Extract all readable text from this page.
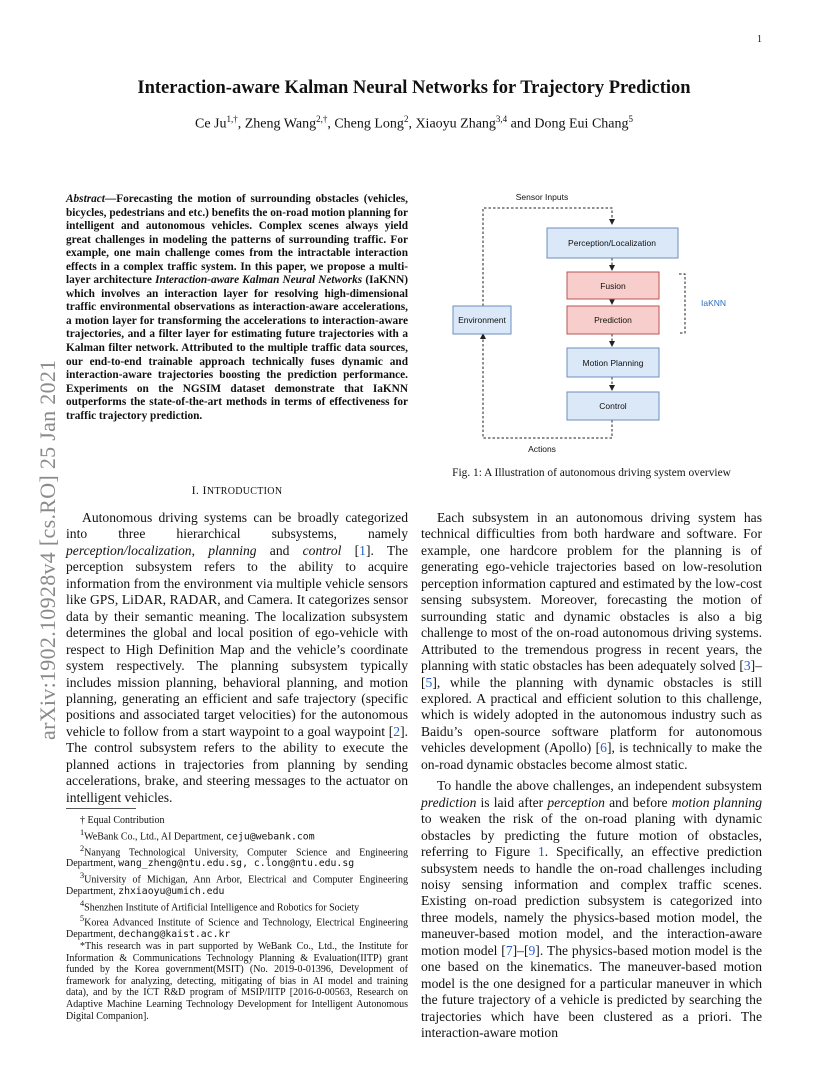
1
arXiv:1902.10928v4 [cs.RO] 25 Jan 2021
Interaction-aware Kalman Neural Networks for Trajectory Prediction
Ce $Ju^{1,\dagger}$, Zheng Wang$^{2,\dagger}$, Cheng Long$^2$, Xiaoyu Zhang$^{3,4}$ and Dong Eui Chang$^5$
Abstract—Forecasting the motion of surrounding obstacles (vehicles, bicycles, pedestrians and etc.) benefits the on-road motion planning for intelligent and autonomous vehicles. Complex scenes always yield great challenges in modeling the patterns of surrounding traffic. For example, one main challenge comes from the intractable interaction effects in a complex traffic system. In this paper, we propose a multi-layer architecture Interaction-aware Kalman Neural Networks (IaKNN) which involves an interaction layer for resolving high-dimensional traffic environmental observations as interaction-aware accelerations, a motion layer for transforming the accelerations to interaction-aware trajectories, and a filter layer for estimating future trajectories with a Kalman filter network. Attributed to the multiple traffic data sources, our end-to-end trainable approach technically fuses dynamic and interaction-aware trajectories boosting the prediction performance. Experiments on the NGSIM dataset demonstrate that IaKNN outperforms the state-of-the-art methods in terms of effectiveness for traffic trajectory prediction.
I. INTRODUCTION

Autonomous driving systems can be broadly categorized into three hierarchical subsystems, namely perception/localization, planning and control [1]. The perception subsystem refers to the ability to acquire information from the environment via multiple vehicle sensors like GPS, LiDAR, RADAR, and Camera. It categorizes sensor data by their semantic meaning. The localization subsystem determines the global and local position of ego-vehicle with respect to High Definition Map and the vehicle’s coordinate system respectively. The planning subsystem typically includes mission planning, behavioral planning, and motion planning, generating an efficient and safe trajectory (specific positions and associated target velocities) for the autonomous vehicle to follow from a start waypoint to a goal waypoint [2]. The control subsystem refers to the ability to execute the planned actions in trajectories from planning by sending accelerations, brake, and steering messages to the actuator on intelligent vehicles.

† Equal Contribution
$^1$WeBank Co., Ltd., AI Department, ceju@webank.com
$^2$Nanyang Technological University, Computer Science and Engineering Department, wang_zheng@ntu.edu.sg, c.long@ntu.edu.sg
$^3$University of Michigan, Ann Arbor, Electrical and Computer Engineering Department, zhxiaoyu@umich.edu
$^4$Shenzhen Institute of Artificial Intelligence and Robotics for Society
$^5$Korea Advanced Institute of Science and Technology, Electrical Engineering Department, dechang@kaist.ac.kr
*This research was in part supported by WeBank Co., Ltd., the Institute for Information & Communications Technology Planning & Evaluation(IITP) grant funded by the Korea government(MSIT) (No. 2019-0-01396, Development of framework for analyzing, detecting, mitigating of bias in AI model and training data), and by the ICT R&D program of MSIP/IITP [2016-0-00563, Research on Adaptive Machine Learning Technology Development for Intelligent Autonomous Digital Companion].
Sensor Inputs
Perception/Localization
Fusion
Prediction
Motion Planning
Control
Environment
Actions
IaKNN
Fig. 1: A Illustration of autonomous driving system overview

Each subsystem in an autonomous driving system has technical difficulties from both hardware and software. For example, one hardcore problem for the planning is of generating ego-vehicle trajectories based on low-resolution perception information captured and estimated by the low-cost sensing subsystem. Moreover, forecasting the motion of surrounding static and dynamic obstacles is also a big challenge to most of the on-road autonomous driving systems. Attributed to the tremendous progress in recent years, the planning with static obstacles has been adequately solved [3]–[5], while the planning with dynamic obstacles is still explored. A practical and efficient solution to this challenge, which is widely adopted in the autonomous industry such as Baidu’s open-source software platform for autonomous vehicles development (Apollo) [6], is technically to make the on-road dynamic obstacles become almost static.

To handle the above challenges, an independent subsystem prediction is laid after perception and before motion planning to weaken the risk of the on-road planing with dynamic obstacles by predicting the future motion of obstacles, referring to Figure 1. Specifically, an effective prediction subsystem needs to handle the on-road challenges including noisy sensing information and complex traffic scenes. Existing on-road prediction subsystem is categorized into three models, namely the physics-based motion model, the maneuver-based motion model, and the interaction-aware motion model [7]–[9]. The physics-based motion model is the one based on the kinematics. The maneuver-based motion model is the one designed for a particular maneuver in which the future trajectory of a vehicle is predicted by searching the trajectories which have been clustered as a priori. The interaction-aware motion
